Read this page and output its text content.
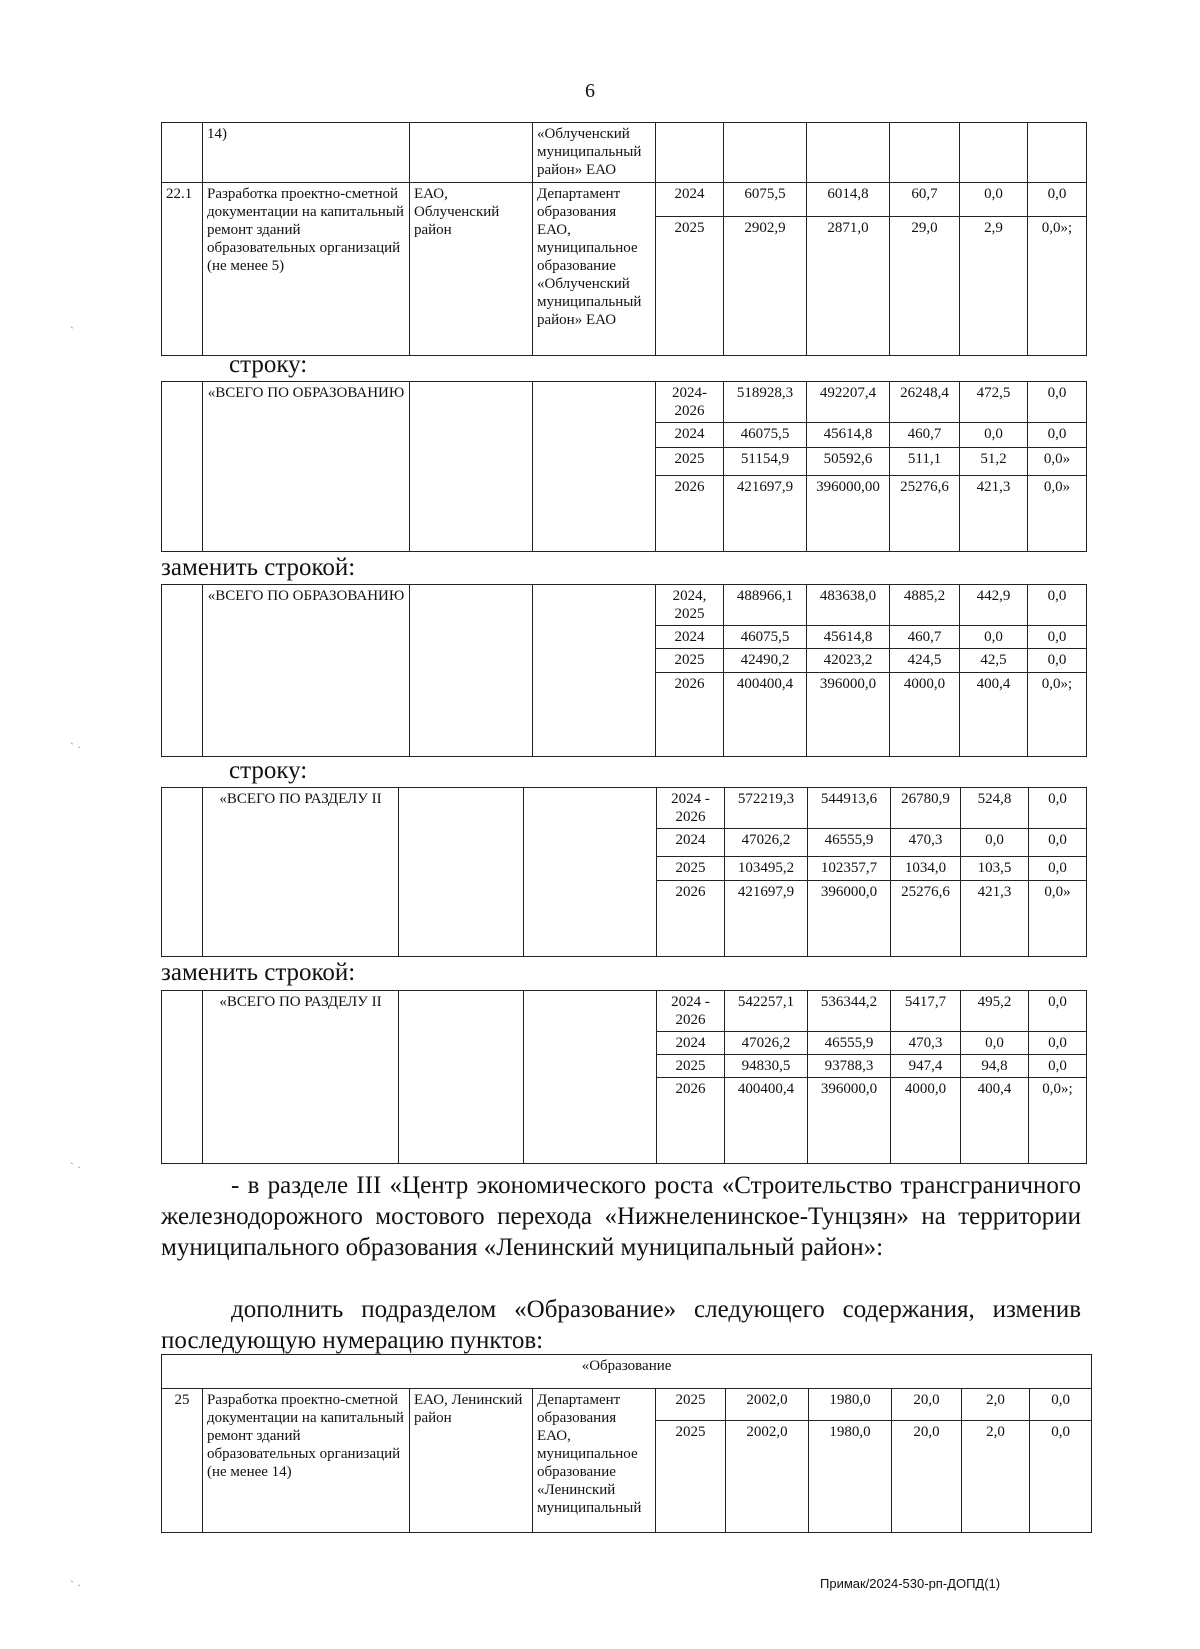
6
	14)		«Облученский муниципальный район» ЕАО						
22.1	Разработка проектно-сметной документации на капитальный ремонт зданий образовательных организаций (не менее 5)	ЕАО, Облученский район	Департамент образования ЕАО, муниципальное образование «Облученский муниципальный район» ЕАО	2024	6075,5	6014,8	60,7	0,0	0,0
				2025	2902,9	2871,0	29,0	2,9	0,0»;
строку:
	«ВСЕГО ПО ОБРАЗОВАНИЮ			2024-2026	518928,3	492207,4	26248,4	472,5	0,0
				2024	46075,5	45614,8	460,7	0,0	0,0
				2025	51154,9	50592,6	511,1	51,2	0,0»
				2026	421697,9	396000,00	25276,6	421,3	0,0»
заменить строкой:
	«ВСЕГО ПО ОБРАЗОВАНИЮ			2024, 2025	488966,1	483638,0	4885,2	442,9	0,0
				2024	46075,5	45614,8	460,7	0,0	0,0
				2025	42490,2	42023,2	424,5	42,5	0,0
				2026	400400,4	396000,0	4000,0	400,4	0,0»;
строку:
	«ВСЕГО ПО РАЗДЕЛУ II			2024 - 2026	572219,3	544913,6	26780,9	524,8	0,0
				2024	47026,2	46555,9	470,3	0,0	0,0
				2025	103495,2	102357,7	1034,0	103,5	0,0
				2026	421697,9	396000,0	25276,6	421,3	0,0»
заменить строкой:
	«ВСЕГО ПО РАЗДЕЛУ II			2024 - 2026	542257,1	536344,2	5417,7	495,2	0,0
				2024	47026,2	46555,9	470,3	0,0	0,0
				2025	94830,5	93788,3	947,4	94,8	0,0
				2026	400400,4	396000,0	4000,0	400,4	0,0»;
- в разделе III «Центр экономического роста «Строительство трансграничного железнодорожного мостового перехода «Нижнеленинское-Тунцзян» на территории муниципального образования «Ленинский муниципальный район»:
дополнить подразделом «Образование» следующего содержания, изменив последующую нумерацию пунктов:
«Образование									
25	Разработка проектно-сметной документации на капитальный ремонт зданий образовательных организаций (не менее 14)	ЕАО, Ленинский район	Департамент образования ЕАО, муниципальное образование «Ленинский муниципальный	2025	2002,0	1980,0	20,0	2,0	0,0
				2025	2002,0	1980,0	20,0	2,0	0,0
`
` ·
` ·
` ·	Примак/2024-530-рп-ДОПД(1)
